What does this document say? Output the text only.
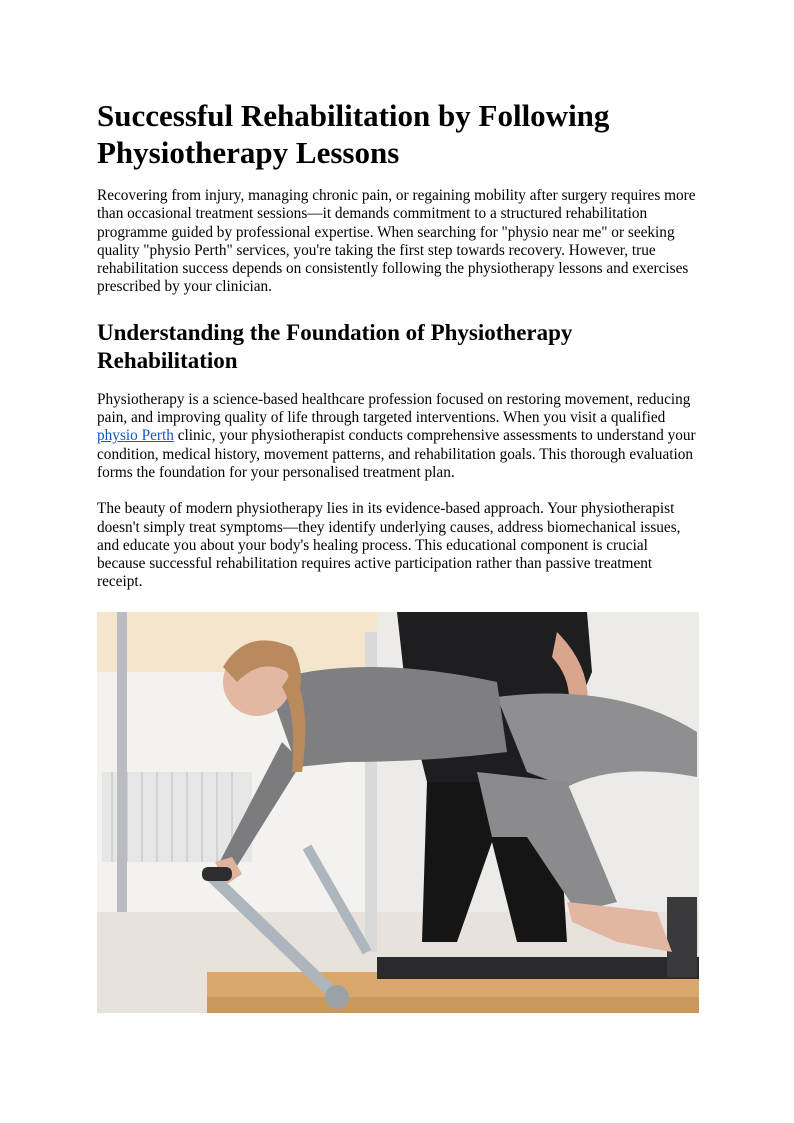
Successful Rehabilitation by Following Physiotherapy Lessons

Recovering from injury, managing chronic pain, or regaining mobility after surgery requires more than occasional treatment sessions—it demands commitment to a structured rehabilitation programme guided by professional expertise. When searching for "physio near me" or seeking quality "physio Perth" services, you're taking the first step towards recovery. However, true rehabilitation success depends on consistently following the physiotherapy lessons and exercises prescribed by your clinician.

Understanding the Foundation of Physiotherapy Rehabilitation

Physiotherapy is a science-based healthcare profession focused on restoring movement, reducing pain, and improving quality of life through targeted interventions. When you visit a qualified physio Perth clinic, your physiotherapist conducts comprehensive assessments to understand your condition, medical history, movement patterns, and rehabilitation goals. This thorough evaluation forms the foundation for your personalised treatment plan.

The beauty of modern physiotherapy lies in its evidence-based approach. Your physiotherapist doesn't simply treat symptoms—they identify underlying causes, address biomechanical issues, and educate you about your body's healing process. This educational component is crucial because successful rehabilitation requires active participation rather than passive treatment receipt.
